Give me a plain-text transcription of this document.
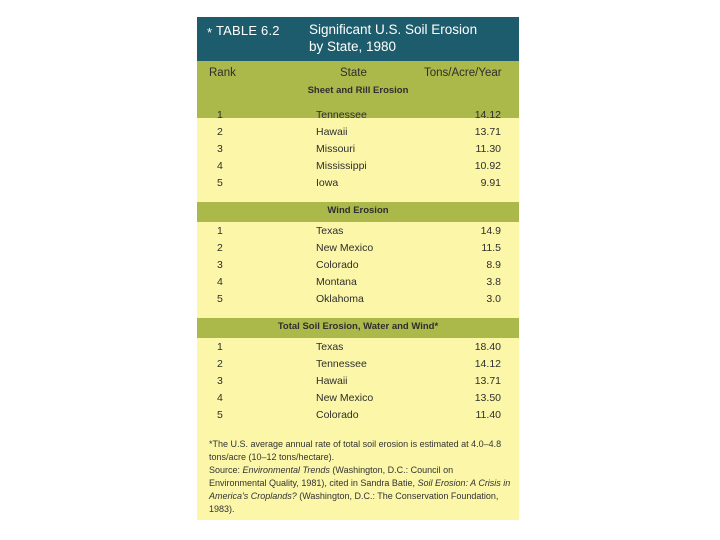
* TABLE 6.2 Significant U.S. Soil Erosion
by State, 1980
Rank	State	Tons/Acre/Year
Sheet and Rill Erosion
1	Tennessee	14.12
2	Hawaii	13.71
3	Missouri	11.30
4	Mississippi	10.92
5	Iowa	9.91
Wind Erosion
1	Texas	14.9
2	New Mexico	11.5
3	Colorado	8.9
4	Montana	3.8
5	Oklahoma	3.0
Total Soil Erosion, Water and Wind*
1	Texas	18.40
2	Tennessee	14.12
3	Hawaii	13.71
4	New Mexico	13.50
5	Colorado	11.40

*The U.S. average annual rate of total soil erosion is estimated at 4.0–4.8 tons/acre (10–12 tons/hectare).

Source: Environmental Trends (Washington, D.C.: Council on Environmental Quality, 1981), cited in Sandra Batie, Soil Erosion: A Crisis in America's Croplands? (Washington, D.C.: The Conservation Foundation, 1983).
